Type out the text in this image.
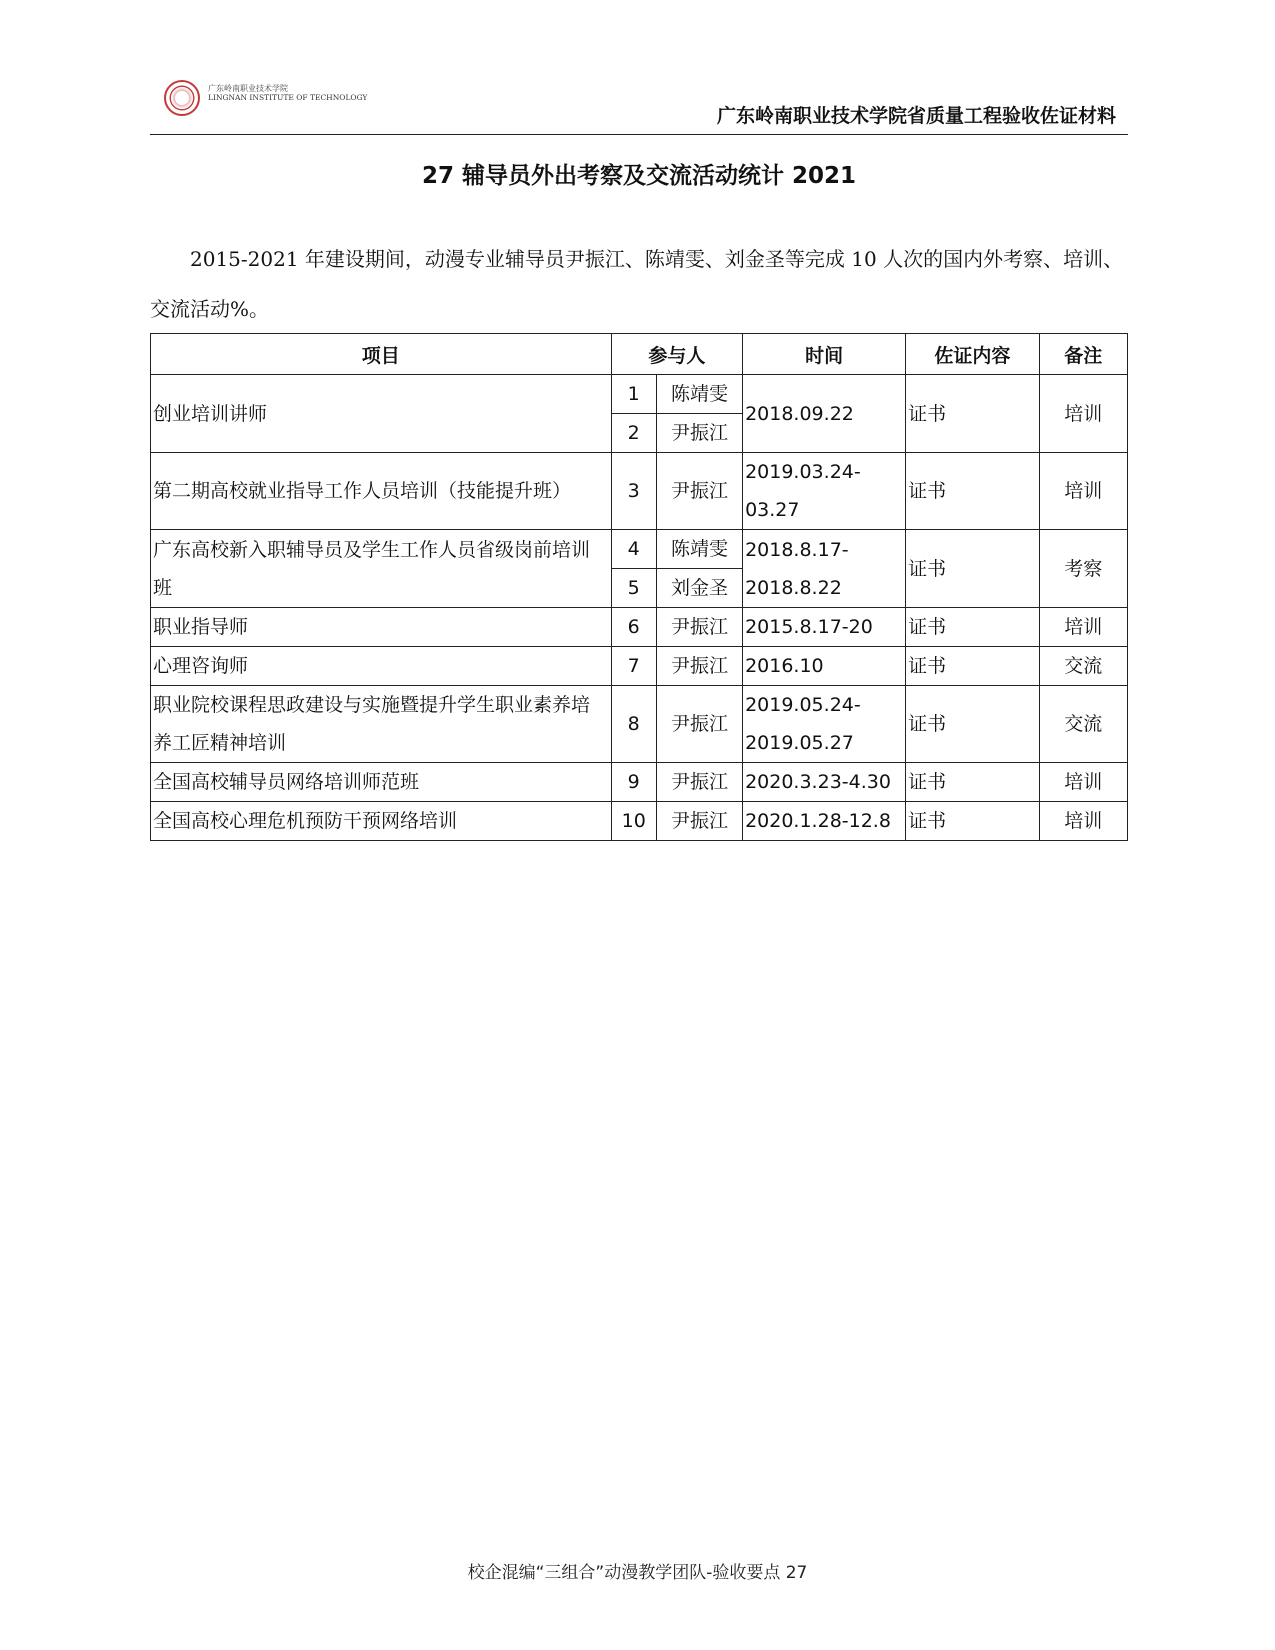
广东岭南职业技术学院
LINGNAN INSTITUTE OF TECHNOLOGY
广东岭南职业技术学院省质量工程验收佐证材料
27 辅导员外出考察及交流活动统计 2021

2015-2021 年建设期间，动漫专业辅导员尹振江、陈靖雯、刘金圣等完成 10 人次的国内外考察、培训、交流活动%。

项目	参与人		时间	佐证内容	备注
创业培训讲师	1	陈靖雯	2018.09.22	证书	培训
	2	尹振江			
第二期高校就业指导工作人员培训（技能提升班）	3	尹振江	2019.03.24-03.27	证书	培训
广东高校新入职辅导员及学生工作人员省级岗前培训班	4	陈靖雯	2018.8.17-2018.8.22	证书	考察
	5	刘金圣			
职业指导师	6	尹振江	2015.8.17-20	证书	培训
心理咨询师	7	尹振江	2016.10	证书	交流
职业院校课程思政建设与实施暨提升学生职业素养培养工匠精神培训	8	尹振江	2019.05.24-2019.05.27	证书	交流
全国高校辅导员网络培训师范班	9	尹振江	2020.3.23-4.30	证书	培训
全国高校心理危机预防干预网络培训	10	尹振江	2020.1.28-12.8	证书	培训
校企混编“三组合”动漫教学团队-验收要点 27
